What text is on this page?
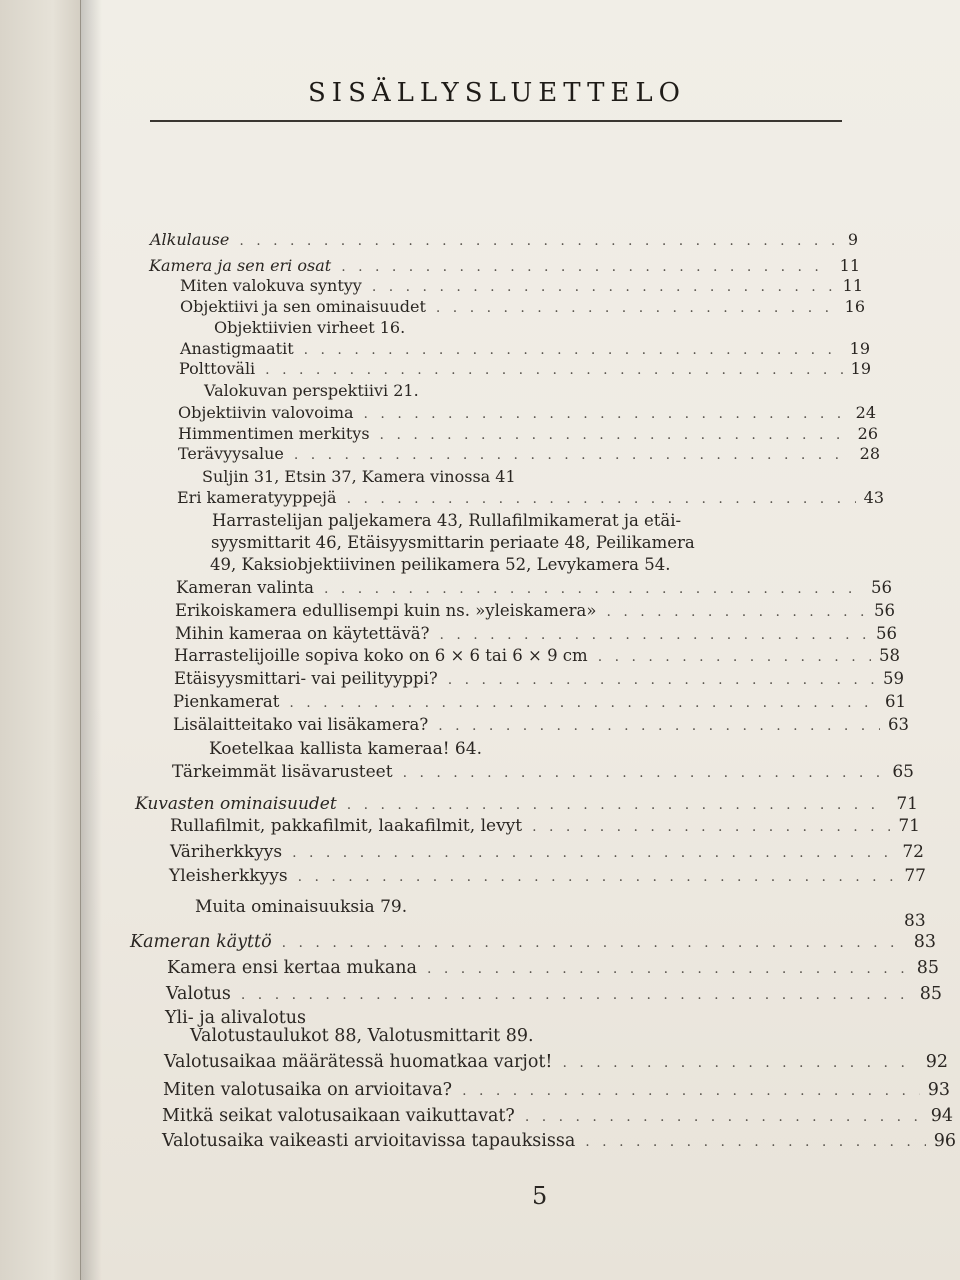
SISÄLLYSLUETTELO
Alkulause . . .	9
Kamera ja sen eri osat . . .	11
Miten valokuva syntyy . . .	11
Objektiivi ja sen ominaisuudet . . .	16
Objektiivien virheet 16.
Anastigmaatit . . .	19
Polttoväli . . .	19
Valokuvan perspektiivi 21.
Objektiivin valovoima . . .	24
Himmentimen merkitys . . .	26
Terävyysalue . . .	28
Suljin 31, Etsin 37, Kamera vinossa 41
Eri kameratyyppejä . . .	43
Harrastelijan paljekamera 43, Rullafilmikamerat ja etäi-
syysmittarit 46, Etäisyysmittarin periaate 48, Peilikamera
49, Kaksiobjektiivinen peilikamera 52, Levykamera 54.
Kameran valinta . . .	56
Erikoiskamera edullisempi kuin ns. »yleiskamera» . . .	56
Mihin kameraa on käytettävä? . . .	56
Harrastelijoille sopiva koko on 6 × 6 tai 6 × 9 cm . . .	58
Etäisyysmittari- vai peilityyppi? . . .	59
Pienkamerat . . .	61
Lisälaitteitako vai lisäkamera? . . .	63
Koetelkaa kallista kameraa! 64.
Tärkeimmät lisävarusteet . . .	65
Kuvasten ominaisuudet . . .	71
Rullafilmit, pakkafilmit, laakafilmit, levyt . . .	71
Väriherkkyys . . .	72
Yleisherkkyys . . .	77
Muita ominaisuuksia 79.
83
Kameran käyttö . . .	83
Kamera ensi kertaa mukana . . .	85
Valotus . . .	85
Yli- ja alivalotus
Valotustaulukot 88, Valotusmittarit 89.
Valotusaikaa määrätessä huomatkaa varjot! . . .	92
Miten valotusaika on arvioitava? . . .	93
Mitkä seikat valotusaikaan vaikuttavat? . . .	94
Valotusaika vaikeasti arvioitavissa tapauksissa . . .	96
5
